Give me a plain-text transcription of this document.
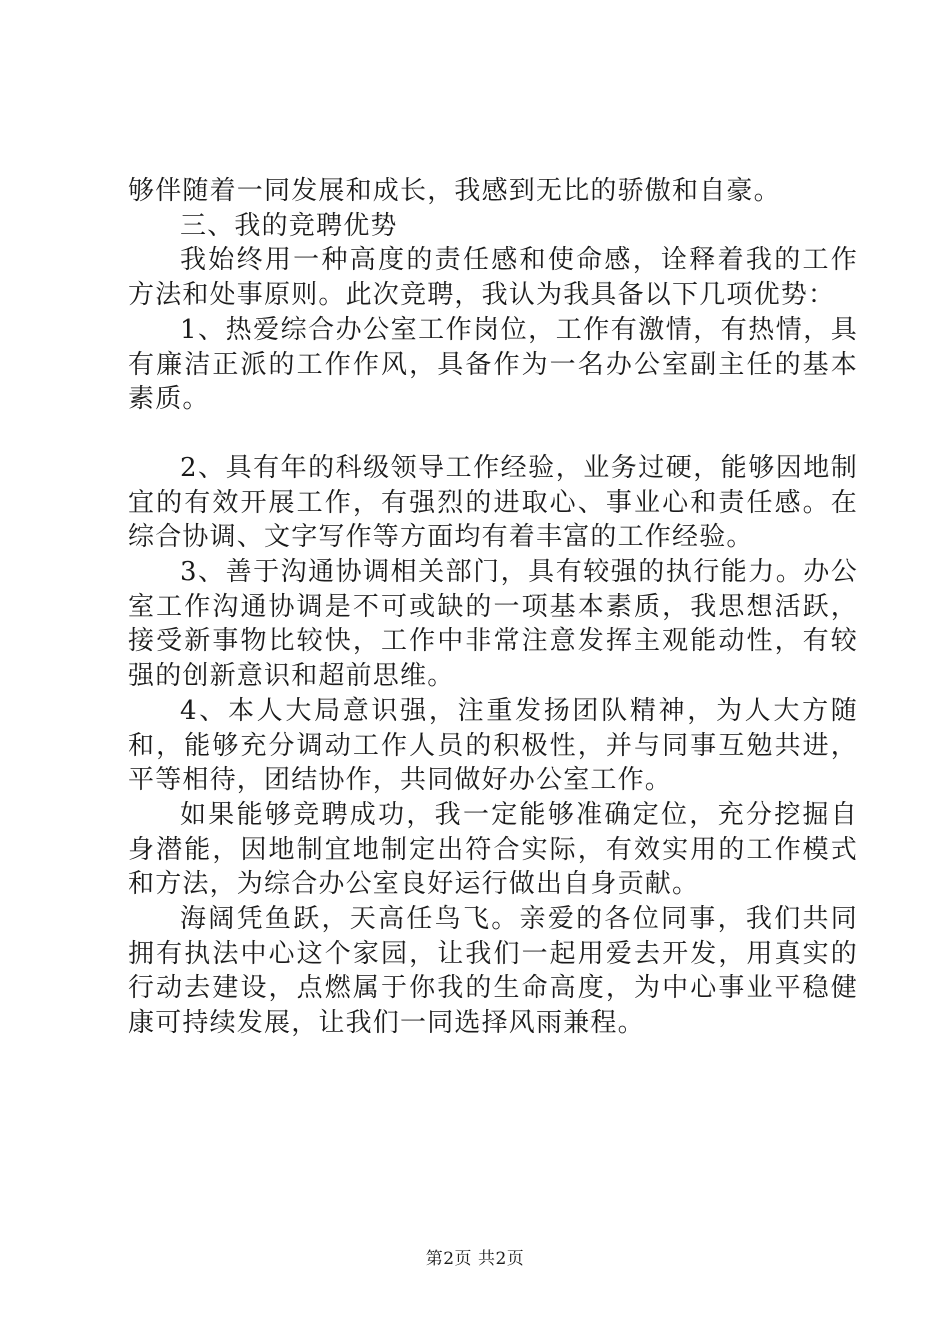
够伴随着一同发展和成长，我感到无比的骄傲和自豪。

三、我的竞聘优势

我始终用一种高度的责任感和使命感，诠释着我的工作方法和处事原则。此次竞聘，我认为我具备以下几项优势：

1、热爱综合办公室工作岗位，工作有激情，有热情，具有廉洁正派的工作作风，具备作为一名办公室副主任的基本素质。

2、具有年的科级领导工作经验，业务过硬，能够因地制宜的有效开展工作，有强烈的进取心、事业心和责任感。在综合协调、文字写作等方面均有着丰富的工作经验。

3、善于沟通协调相关部门，具有较强的执行能力。办公室工作沟通协调是不可或缺的一项基本素质，我思想活跃，接受新事物比较快，工作中非常注意发挥主观能动性，有较强的创新意识和超前思维。

4、本人大局意识强，注重发扬团队精神，为人大方随和，能够充分调动工作人员的积极性，并与同事互勉共进，平等相待，团结协作，共同做好办公室工作。

如果能够竞聘成功，我一定能够准确定位，充分挖掘自身潜能，因地制宜地制定出符合实际，有效实用的工作模式和方法，为综合办公室良好运行做出自身贡献。

海阔凭鱼跃，天高任鸟飞。亲爱的各位同事，我们共同拥有执法中心这个家园，让我们一起用爱去开发，用真实的行动去建设，点燃属于你我的生命高度，为中心事业平稳健康可持续发展，让我们一同选择风雨兼程。

第2页 共2页
